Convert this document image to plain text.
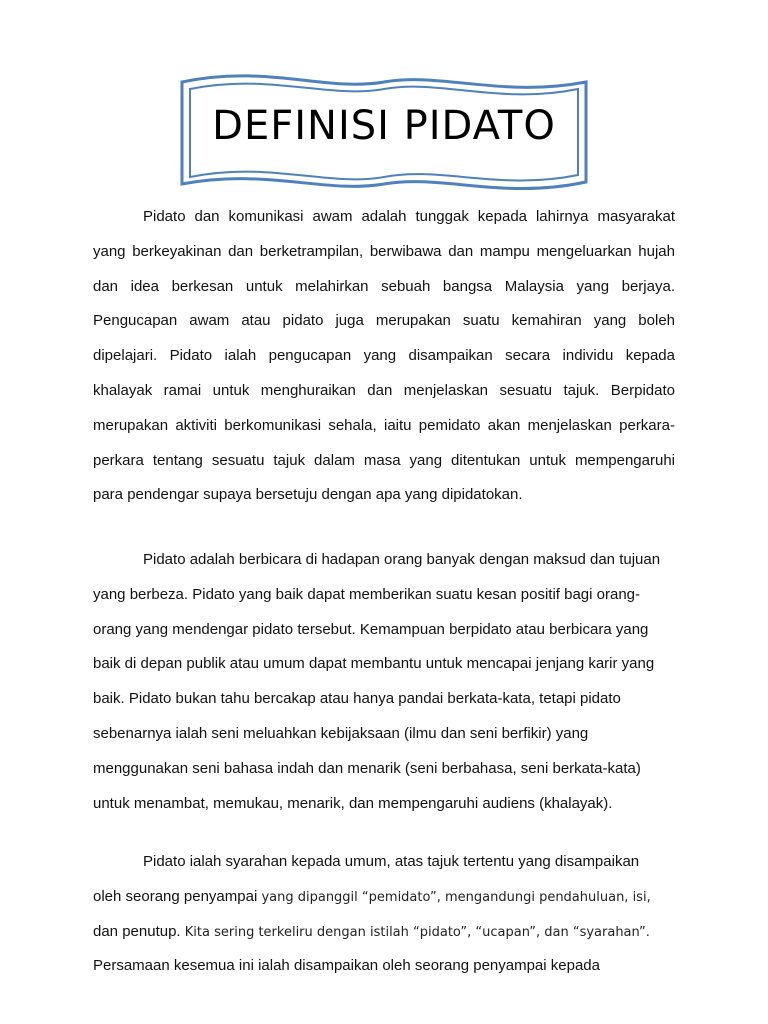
DEFINISI PIDATO
Pidato dan komunikasi awam adalah tunggak kepada lahirnya masyarakat
yang berkeyakinan dan berketrampilan, berwibawa dan mampu mengeluarkan hujah
dan idea berkesan untuk melahirkan sebuah bangsa Malaysia yang berjaya.
Pengucapan awam atau pidato juga merupakan suatu kemahiran yang boleh
dipelajari. Pidato ialah pengucapan yang disampaikan secara individu kepada
khalayak ramai untuk menghuraikan dan menjelaskan sesuatu tajuk. Berpidato
merupakan aktiviti berkomunikasi sehala, iaitu pemidato akan menjelaskan perkara-
perkara tentang sesuatu tajuk dalam masa yang ditentukan untuk mempengaruhi
para pendengar supaya bersetuju dengan apa yang dipidatokan.
Pidato adalah berbicara di hadapan orang banyak dengan maksud dan tujuan
yang berbeza. Pidato yang baik dapat memberikan suatu kesan positif bagi orang-
orang yang mendengar pidato tersebut. Kemampuan berpidato atau berbicara yang
baik di depan publik atau umum dapat membantu untuk mencapai jenjang karir yang
baik. Pidato bukan tahu bercakap atau hanya pandai berkata-kata, tetapi pidato
sebenarnya ialah seni meluahkan kebijaksaan (ilmu dan seni berfikir) yang
menggunakan seni bahasa indah dan menarik (seni berbahasa, seni berkata-kata)
untuk menambat, memukau, menarik, dan mempengaruhi audiens (khalayak).
Pidato ialah syarahan kepada umum, atas tajuk tertentu yang disampaikan
oleh seorang penyampai yang dipanggil “pemidato”, mengandungi pendahuluan, isi,
dan penutup. Kita sering terkeliru dengan istilah “pidato”, “ucapan”, dan “syarahan”.
Persamaan kesemua ini ialah disampaikan oleh seorang penyampai kepada
